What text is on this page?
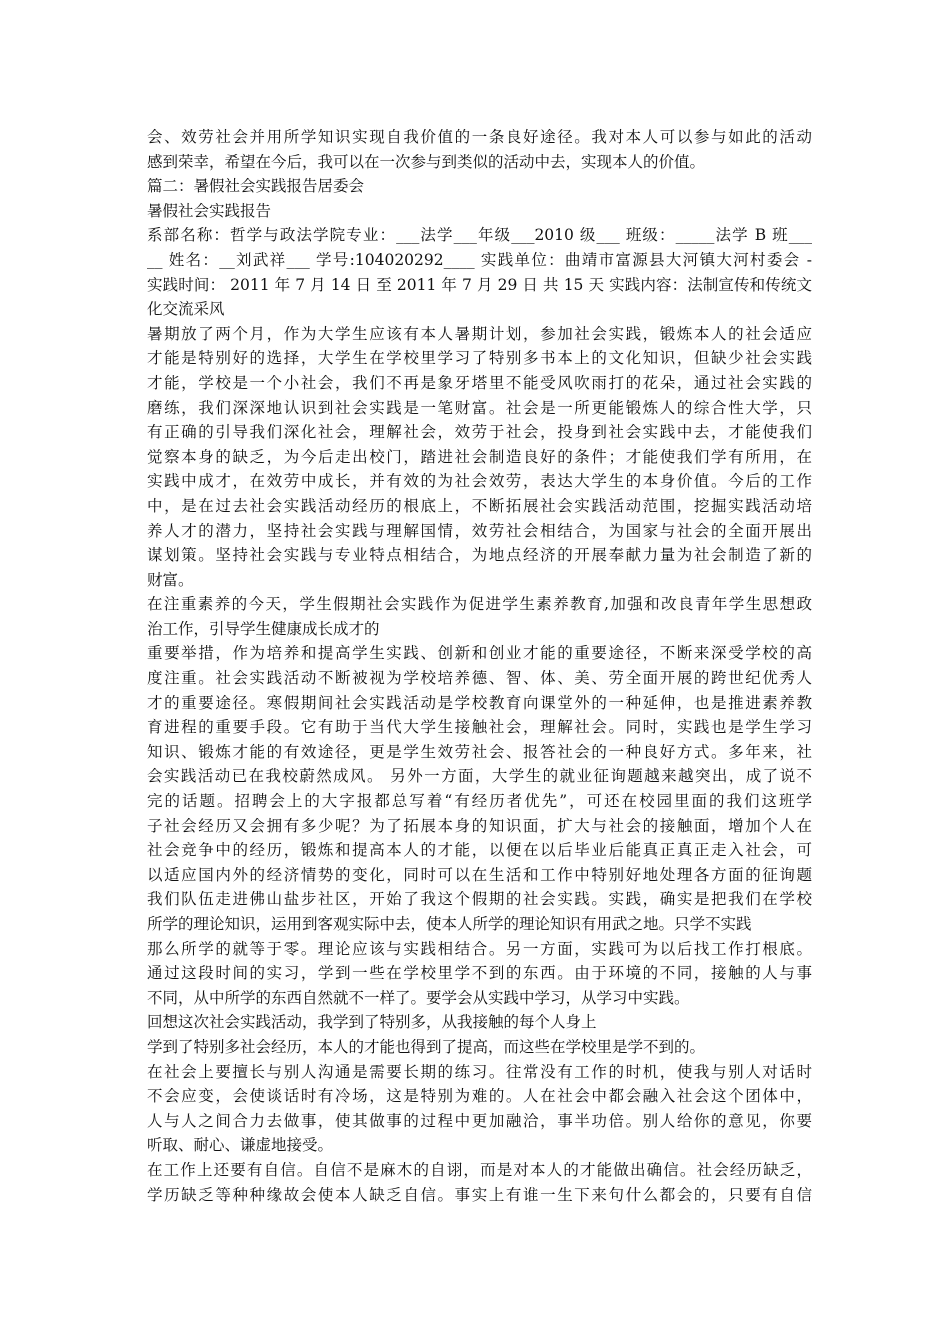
会、效劳社会并用所学知识实现自我价值的一条良好途径。我对本人可以参与如此的活动
感到荣幸，希望在今后，我可以在一次参与到类似的活动中去，实现本人的价值。
篇二：暑假社会实践报告居委会
暑假社会实践报告
系部名称：哲学与政法学院专业：___法学___年级___2010 级___ 班级：_____法学 B 班___
__ 姓名：__刘武祥___ 学号:104020292____ 实践单位：曲靖市富源县大河镇大河村委会 -
实践时间： 2011 年 7 月 14 日 至 2011 年 7 月 29 日 共 15 天 实践内容：法制宣传和传统文
化交流采风
暑期放了两个月，作为大学生应该有本人暑期计划，参加社会实践，锻炼本人的社会适应
才能是特别好的选择，大学生在学校里学习了特别多书本上的文化知识，但缺少社会实践
才能，学校是一个小社会，我们不再是象牙塔里不能受风吹雨打的花朵，通过社会实践的
磨练，我们深深地认识到社会实践是一笔财富。社会是一所更能锻炼人的综合性大学，只
有正确的引导我们深化社会，理解社会，效劳于社会，投身到社会实践中去，才能使我们
觉察本身的缺乏，为今后走出校门，踏进社会制造良好的条件；才能使我们学有所用，在
实践中成才，在效劳中成长，并有效的为社会效劳，表达大学生的本身价值。今后的工作
中，是在过去社会实践活动经历的根底上，不断拓展社会实践活动范围，挖掘实践活动培
养人才的潜力，坚持社会实践与理解国情，效劳社会相结合，为国家与社会的全面开展出
谋划策。坚持社会实践与专业特点相结合，为地点经济的开展奉献力量为社会制造了新的
财富。
在注重素养的今天，学生假期社会实践作为促进学生素养教育,加强和改良青年学生思想政
治工作，引导学生健康成长成才的
重要举措，作为培养和提高学生实践、创新和创业才能的重要途径，不断来深受学校的高
度注重。社会实践活动不断被视为学校培养德、智、体、美、劳全面开展的跨世纪优秀人
才的重要途径。寒假期间社会实践活动是学校教育向课堂外的一种延伸，也是推进素养教
育进程的重要手段。它有助于当代大学生接触社会，理解社会。同时，实践也是学生学习
知识、锻炼才能的有效途径，更是学生效劳社会、报答社会的一种良好方式。多年来，社
会实践活动已在我校蔚然成风。 另外一方面，大学生的就业征询题越来越突出，成了说不
完的话题。招聘会上的大字报都总写着“有经历者优先”，可还在校园里面的我们这班学
子社会经历又会拥有多少呢？为了拓展本身的知识面，扩大与社会的接触面，增加个人在
社会竞争中的经历，锻炼和提高本人的才能，以便在以后毕业后能真正真正走入社会，可
以适应国内外的经济情势的变化，同时可以在生活和工作中特别好地处理各方面的征询题
我们队伍走进佛山盐步社区，开始了我这个假期的社会实践。实践，确实是把我们在学校
所学的理论知识，运用到客观实际中去，使本人所学的理论知识有用武之地。只学不实践
那么所学的就等于零。理论应该与实践相结合。另一方面，实践可为以后找工作打根底。
通过这段时间的实习，学到一些在学校里学不到的东西。由于环境的不同，接触的人与事
不同，从中所学的东西自然就不一样了。要学会从实践中学习，从学习中实践。
回想这次社会实践活动，我学到了特别多，从我接触的每个人身上
学到了特别多社会经历，本人的才能也得到了提高，而这些在学校里是学不到的。
在社会上要擅长与别人沟通是需要长期的练习。往常没有工作的时机，使我与别人对话时
不会应变，会使谈话时有冷场，这是特别为难的。人在社会中都会融入社会这个团体中，
人与人之间合力去做事，使其做事的过程中更加融洽，事半功倍。别人给你的意见，你要
听取、耐心、谦虚地接受。
在工作上还要有自信。自信不是麻木的自诩，而是对本人的才能做出确信。社会经历缺乏，
学历缺乏等种种缘故会使本人缺乏自信。事实上有谁一生下来句什么都会的，只要有自信
